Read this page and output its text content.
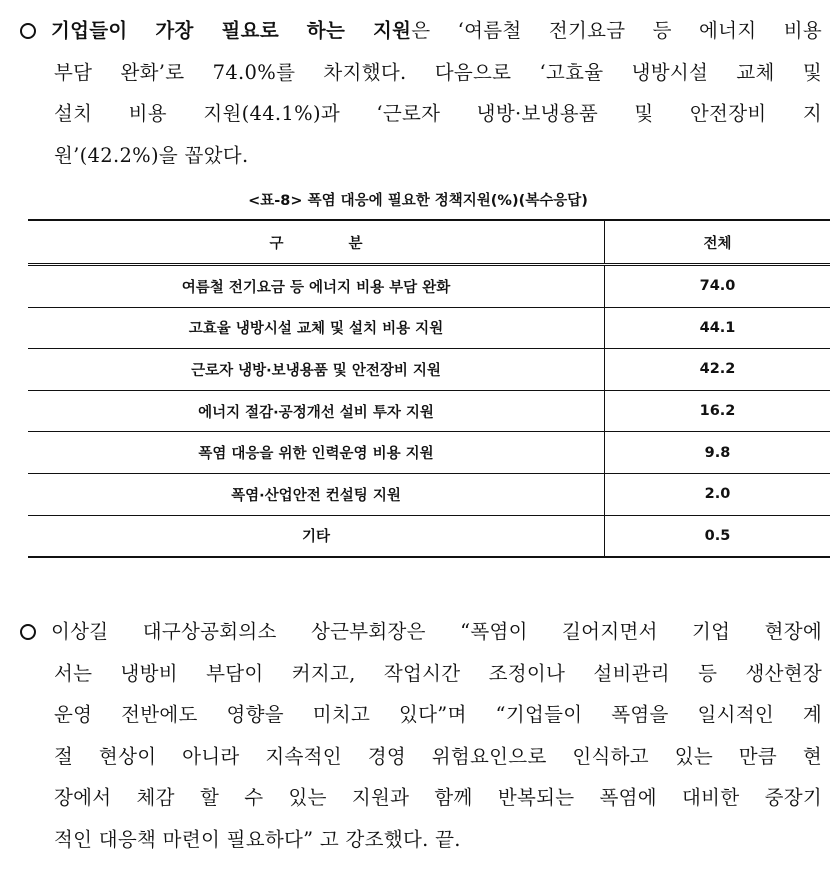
기업들이 가장 필요로 하는 지원은 ‘여름철 전기요금 등 에너지 비용
부담 완화’로 74.0%를 차지했다. 다음으로 ‘고효율 냉방시설 교체 및
설치 비용 지원(44.1%)과 ‘근로자 냉방·보냉용품 및 안전장비 지
원’(42.2%)을 꼽았다.
<표-8> 폭염 대응에 필요한 정책지원(%)(복수응답)
구 분	전체
여름철 전기요금 등 에너지 비용 부담 완화	74.0
고효율 냉방시설 교체 및 설치 비용 지원	44.1
근로자 냉방·보냉용품 및 안전장비 지원	42.2
에너지 절감·공정개선 설비 투자 지원	16.2
폭염 대응을 위한 인력운영 비용 지원	9.8
폭염·산업안전 컨설팅 지원	2.0
기타	0.5
이상길 대구상공회의소 상근부회장은 “폭염이 길어지면서 기업 현장에
서는 냉방비 부담이 커지고, 작업시간 조정이나 설비관리 등 생산현장
운영 전반에도 영향을 미치고 있다”며 “기업들이 폭염을 일시적인 계
절 현상이 아니라 지속적인 경영 위험요인으로 인식하고 있는 만큼 현
장에서 체감 할 수 있는 지원과 함께 반복되는 폭염에 대비한 중장기
적인 대응책 마련이 필요하다” 고 강조했다. 끝.
